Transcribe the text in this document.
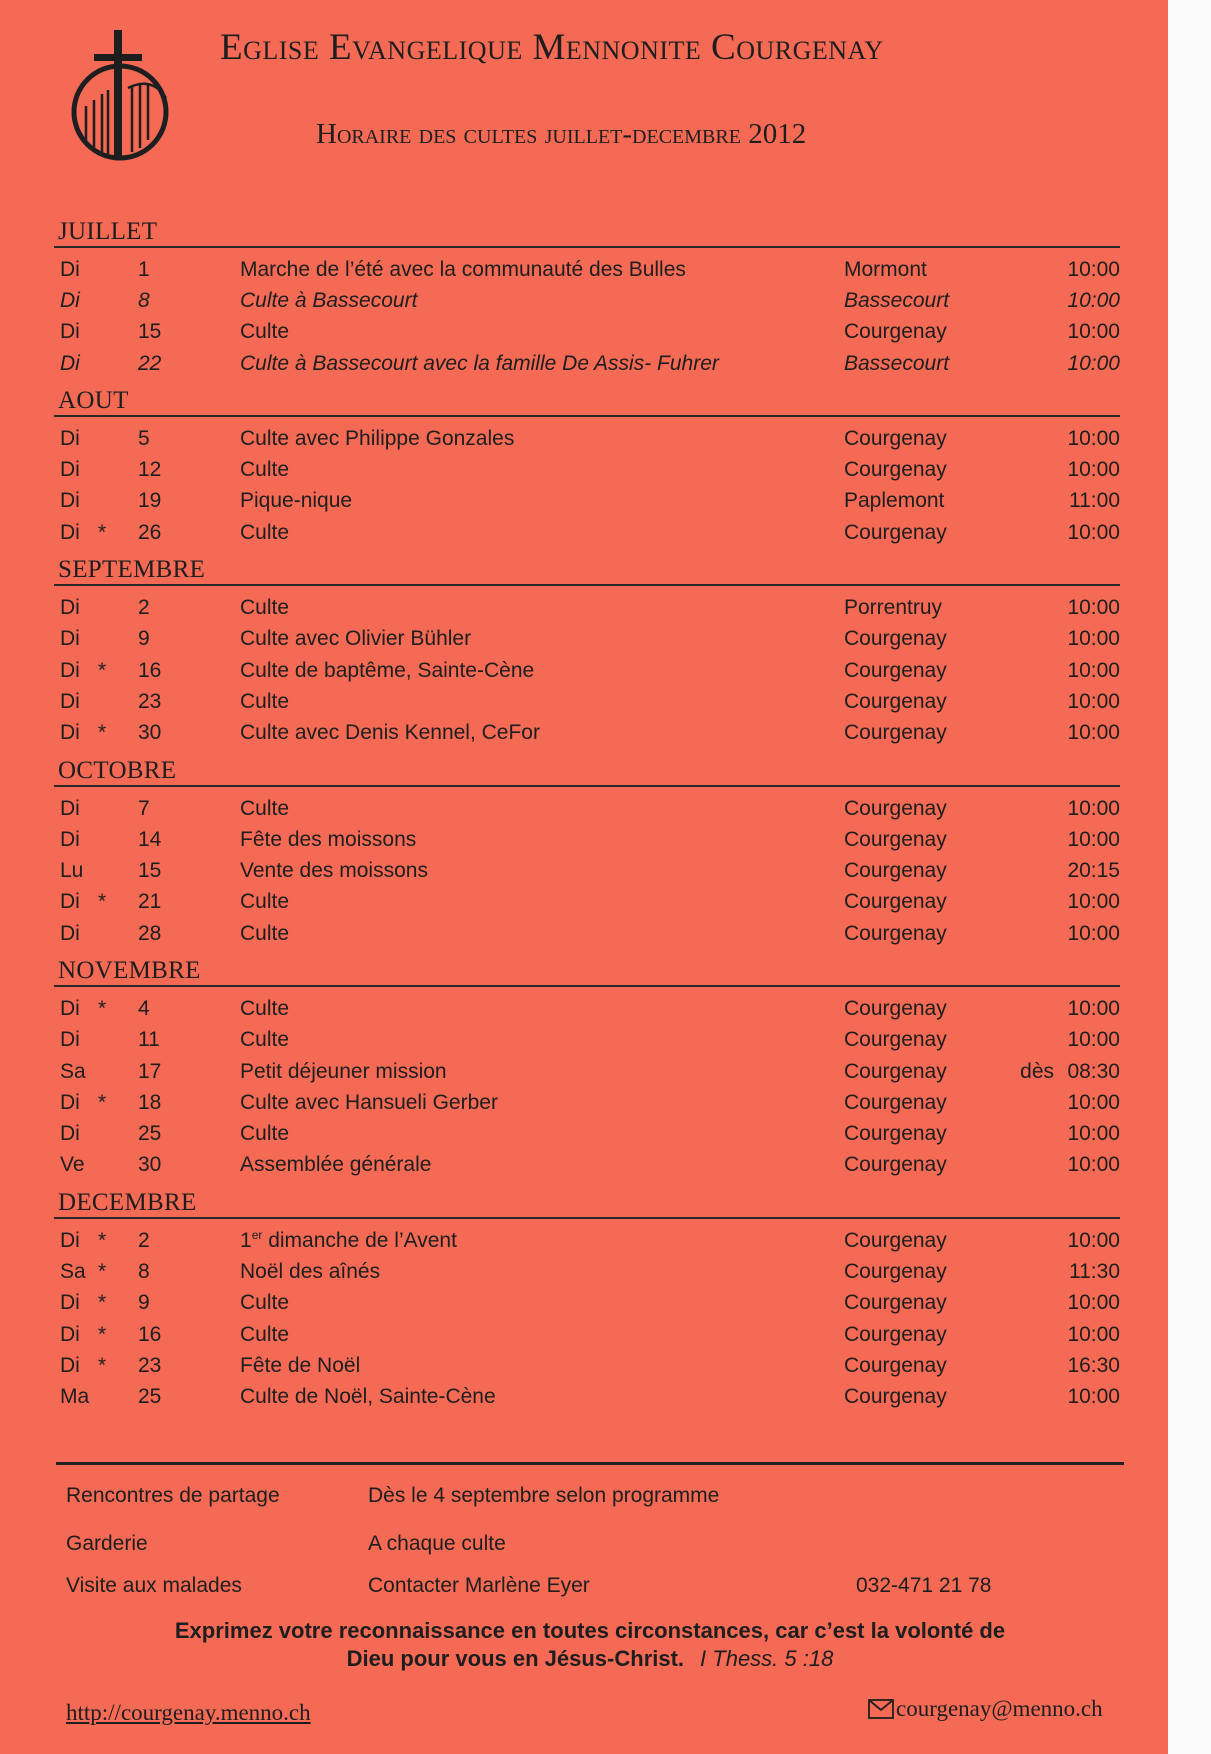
Eglise Evangelique Mennonite Courgenay
Horaire des cultes juillet-decembre 2012
JUILLET
Di	1	Marche de l’été avec la communauté des Bulles	Mormont	10:00
Di	8	Culte à Bassecourt	Bassecourt	10:00
Di	15	Culte	Courgenay	10:00
Di	22	Culte à Bassecourt avec la famille De Assis- Fuhrer	Bassecourt	10:00
AOUT
Di	5	Culte avec Philippe Gonzales	Courgenay	10:00
Di	12	Culte	Courgenay	10:00
Di	19	Pique-nique	Paplemont	11:00
Di *	26	Culte	Courgenay	10:00
SEPTEMBRE
Di	2	Culte	Porrentruy	10:00
Di	9	Culte avec Olivier Bühler	Courgenay	10:00
Di *	16	Culte de baptême, Sainte-Cène	Courgenay	10:00
Di	23	Culte	Courgenay	10:00
Di *	30	Culte avec Denis Kennel, CeFor	Courgenay	10:00
OCTOBRE
Di	7	Culte	Courgenay	10:00
Di	14	Fête des moissons	Courgenay	10:00
Lu	15	Vente des moissons	Courgenay	20:15
Di *	21	Culte	Courgenay	10:00
Di	28	Culte	Courgenay	10:00
NOVEMBRE
Di *	4	Culte	Courgenay	10:00
Di	11	Culte	Courgenay	10:00
Sa	17	Petit déjeuner mission	Courgenay	dès 08:30
Di *	18	Culte avec Hansueli Gerber	Courgenay	10:00
Di	25	Culte	Courgenay	10:00
Ve	30	Assemblée générale	Courgenay	10:00
DECEMBRE
Di *	2	1er dimanche de l’Avent	Courgenay	10:00
Sa *	8	Noël des aînés	Courgenay	11:30
Di *	9	Culte	Courgenay	10:00
Di *	16	Culte	Courgenay	10:00
Di *	23	Fête de Noël	Courgenay	16:30
Ma	25	Culte de Noël, Sainte-Cène	Courgenay	10:00
Rencontres de partage	Dès le 4 septembre selon programme
Garderie	A chaque culte
Visite aux malades	Contacter Marlène Eyer	032-471 21 78
Exprimez votre reconnaissance en toutes circonstances, car c’est la volonté de
Dieu pour vous en Jésus-Christ. I Thess. 5 :18
http://courgenay.menno.ch	courgenay@menno.ch
